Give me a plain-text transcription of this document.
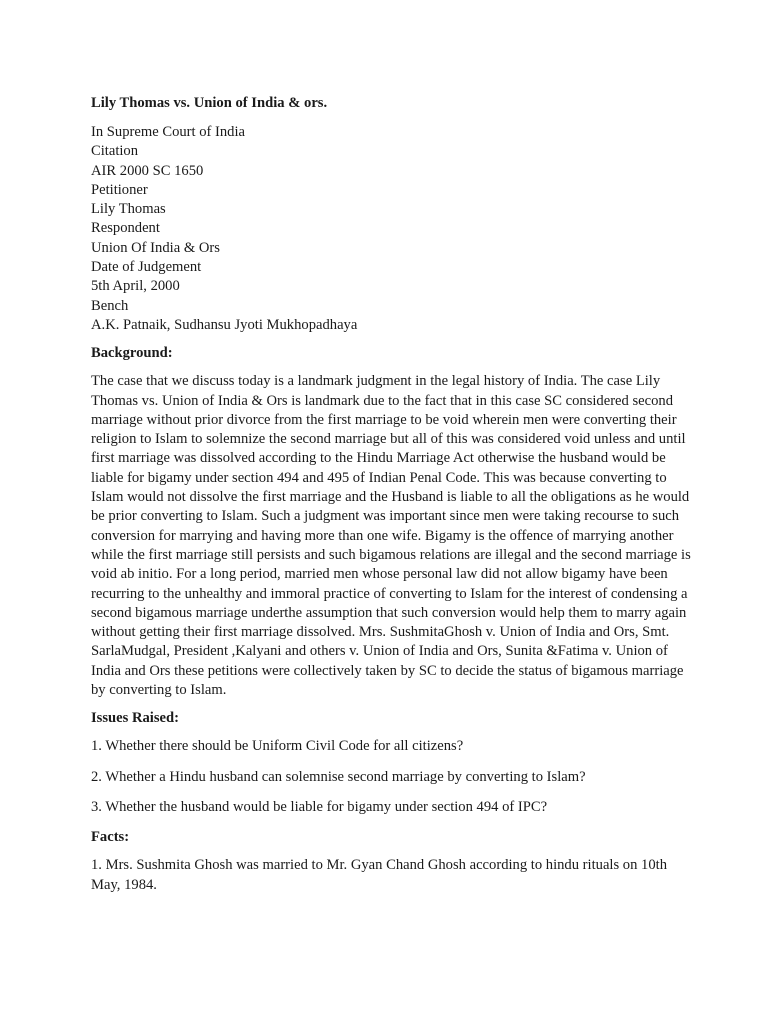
Lily Thomas vs. Union of India & ors.
In Supreme Court of India
Citation
AIR 2000 SC 1650
Petitioner
Lily Thomas
Respondent
Union Of India & Ors
Date of Judgement
5th April, 2000
Bench
A.K. Patnaik, Sudhansu Jyoti Mukhopadhaya
Background:

The case that we discuss today is a landmark judgment in the legal history of India. The case Lily Thomas vs. Union of India & Ors is landmark due to the fact that in this case SC considered second marriage without prior divorce from the first marriage to be void wherein men were converting their religion to Islam to solemnize the second marriage but all of this was considered void unless and until first marriage was dissolved according to the Hindu Marriage Act otherwise the husband would be liable for bigamy under section 494 and 495 of Indian Penal Code. This was because converting to Islam would not dissolve the first marriage and the Husband is liable to all the obligations as he would be prior converting to Islam. Such a judgment was important since men were taking recourse to such conversion for marrying and having more than one wife. Bigamy is the offence of marrying another while the first marriage still persists and such bigamous relations are illegal and the second marriage is void ab initio. For a long period, married men whose personal law did not allow bigamy have been recurring to the unhealthy and immoral practice of converting to Islam for the interest of condensing a second bigamous marriage underthe assumption that such conversion would help them to marry again without getting their first marriage dissolved. Mrs. SushmitaGhosh v. Union of India and Ors, Smt. SarlaMudgal, President ,Kalyani and others v. Union of India and Ors, Sunita &Fatima v. Union of India and Ors these petitions were collectively taken by SC to decide the status of bigamous marriage by converting to Islam.

Issues Raised:

1. Whether there should be Uniform Civil Code for all citizens?

2. Whether a Hindu husband can solemnise second marriage by converting to Islam?

3. Whether the husband would be liable for bigamy under section 494 of IPC?

Facts:

1. Mrs. Sushmita Ghosh was married to Mr. Gyan Chand Ghosh according to hindu rituals on 10th May, 1984.
